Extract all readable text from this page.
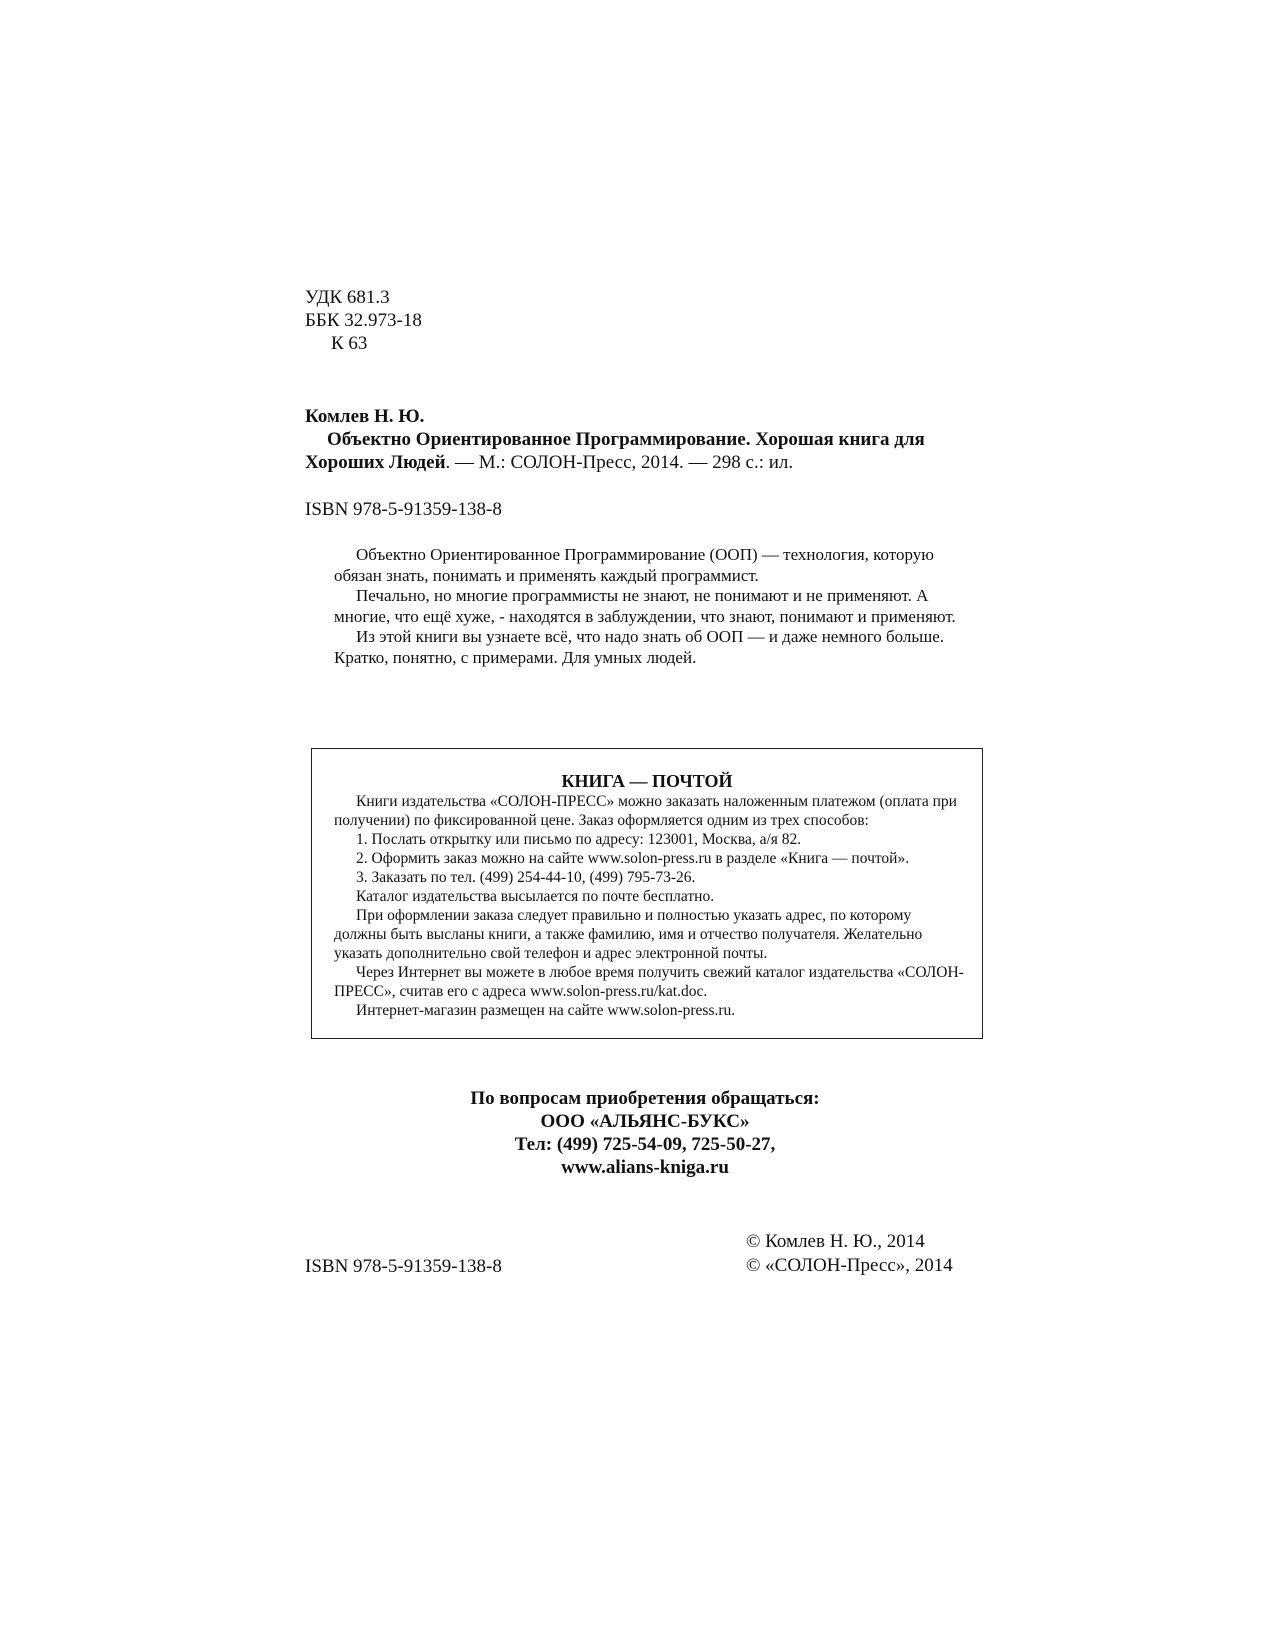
УДК 681.3
ББК 32.973-18
К 63
Комлев Н. Ю.
Объектно Ориентированное Программирование. Хорошая книга для Хороших Людей. — М.: СОЛОН-Пресс, 2014. — 298 с.: ил.
ISBN 978-5-91359-138-8

Объектно Ориентированное Программирование (ООП) — технология, которую обязан знать, понимать и применять каждый программист.

Печально, но многие программисты не знают, не понимают и не применяют. А многие, что ещё хуже, - находятся в заблуждении, что знают, понимают и применяют.

Из этой книги вы узнаете всё, что надо знать об ООП — и даже немного больше. Кратко, понятно, с примерами. Для умных людей.

КНИГА — ПОЧТОЙ

Книги издательства «СОЛОН-ПРЕСС» можно заказать наложенным платежом (оплата при получении) по фиксированной цене. Заказ оформляется одним из трех способов:

1. Послать открытку или письмо по адресу: 123001, Москва, а/я 82.

2. Оформить заказ можно на сайте www.solon-press.ru в разделе «Книга — почтой».

3. Заказать по тел. (499) 254-44-10, (499) 795-73-26.

Каталог издательства высылается по почте бесплатно.

При оформлении заказа следует правильно и полностью указать адрес, по которому должны быть высланы книги, а также фамилию, имя и отчество получателя. Желательно указать дополнительно свой телефон и адрес электронной почты.

Через Интернет вы можете в любое время получить свежий каталог издательства «СОЛОН-ПРЕСС», считав его с адреса www.solon-press.ru/kat.doc.

Интернет-магазин размещен на сайте www.solon-press.ru.

По вопросам приобретения обращаться:
ООО «АЛЬЯНС-БУКС»
Тел: (499) 725-54-09, 725-50-27,
www.alians-kniga.ru
ISBN 978-5-91359-138-8
© Комлев Н. Ю., 2014
© «СОЛОН-Пресс», 2014
